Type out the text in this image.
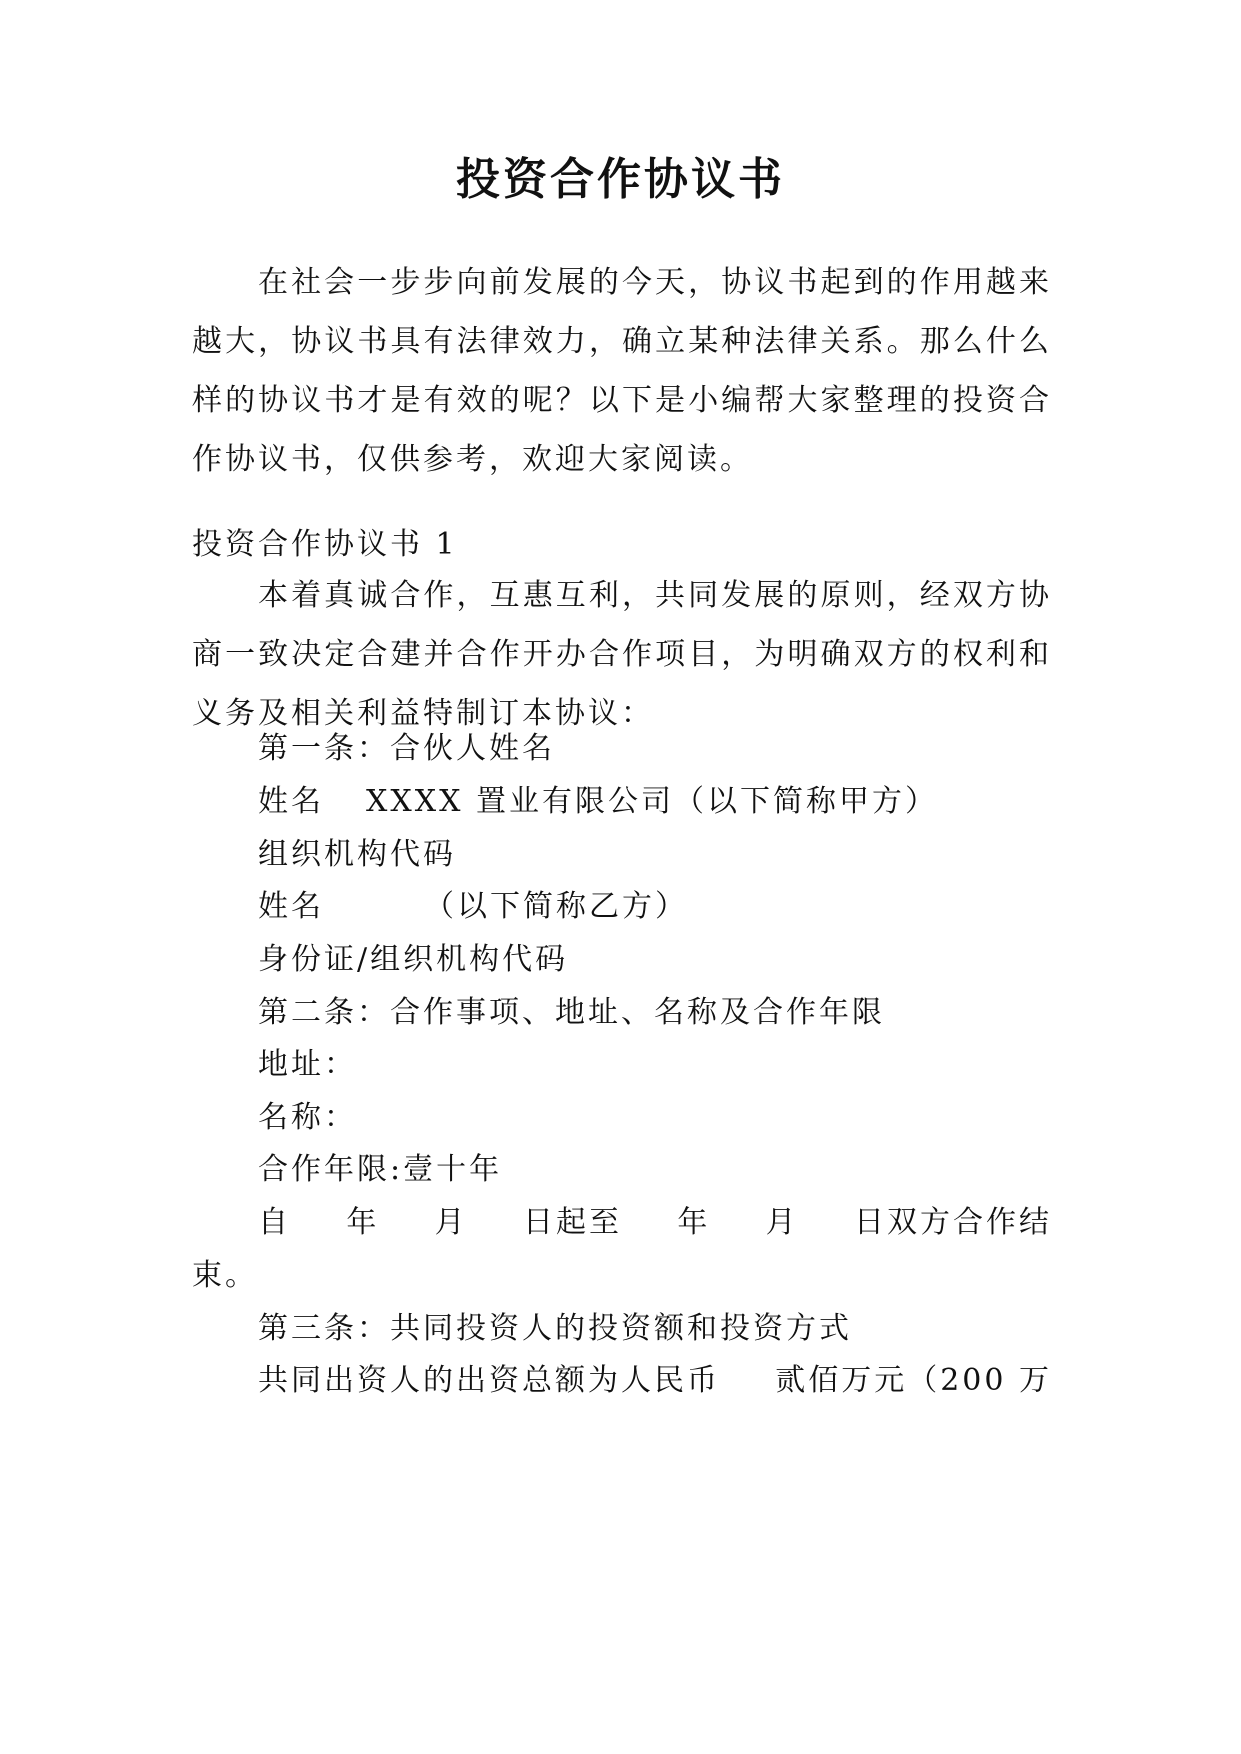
投资合作协议书
在社会一步步向前发展的今天，协议书起到的作用越来越大，协议书具有法律效力，确立某种法律关系。那么什么样的协议书才是有效的呢？以下是小编帮大家整理的投资合作协议书，仅供参考，欢迎大家阅读。
投资合作协议书 1
本着真诚合作，互惠互利，共同发展的原则，经双方协商一致决定合建并合作开办合作项目，为明确双方的权利和义务及相关利益特制订本协议：
第一条：合伙人姓名
姓名 XXXX 置业有限公司（以下简称甲方）
组织机构代码
姓名	（以下简称乙方）
身份证/组织机构代码
第二条：合作事项、地址、名称及合作年限
地址：
名称：
合作年限:壹十年
自 年 月 日起至 年 月 日双方合作结
束。
第三条：共同投资人的投资额和投资方式
共同出资人的出资总额为人民币 贰佰万元（200 万
